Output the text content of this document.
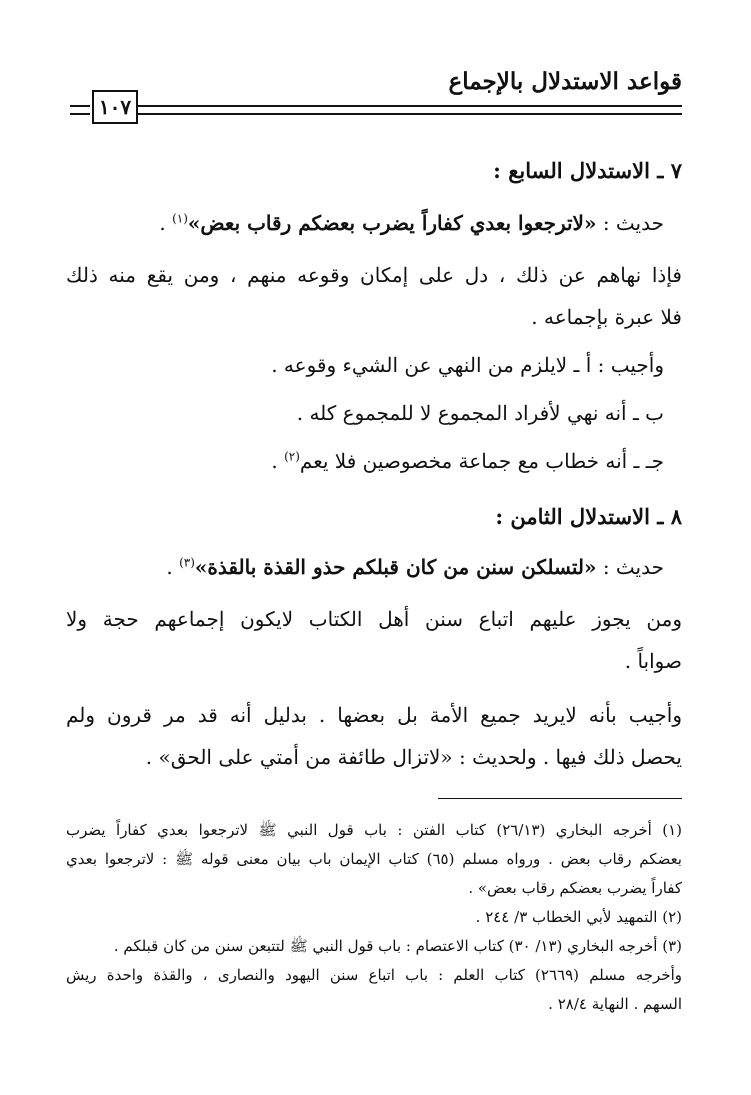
قواعد الاستدلال بالإجماع
١٠٧
٧ ـ الاستدلال السابع :
حديث : «لاترجعوا بعدي كفاراً يضرب بعضكم رقاب بعض»$^{(١)}$ .
فإذا نهاهم عن ذلك ، دل على إمكان وقوعه منهم ، ومن يقع منه ذلك
فلا عبرة بإجماعه .
وأجيب : أ ـ لايلزم من النهي عن الشيء وقوعه .
ب ـ أنه نهي لأفراد المجموع لا للمجموع كله .
جـ ـ أنه خطاب مع جماعة مخصوصين فلا يعم$^{(٢)}$ .
٨ ـ الاستدلال الثامن :
حديث : «لتسلكن سنن من كان قبلكم حذو القذة بالقذة»$^{(٣)}$ .
ومن يجوز عليهم اتباع سنن أهل الكتاب لايكون إجماعهم حجة ولا
صواباً .
وأجيب بأنه لايريد جميع الأمة بل بعضها . بدليل أنه قد مر قرون ولم
يحصل ذلك فيها . ولحديث : «لاتزال طائفة من أمتي على الحق» .
(١) أخرجه البخاري (٢٦/١٣) كتاب الفتن : باب قول النبي ﷺ لاترجعوا بعدي كفاراً يضرب
بعضكم رقاب بعض . ورواه مسلم (٦٥) كتاب الإيمان باب بيان معنى قوله ﷺ : لاترجعوا بعدي
كفاراً يضرب بعضكم رقاب بعض» .
(٢) التمهيد لأبي الخطاب ٣/ ٢٤٤ .
(٣) أخرجه البخاري (١٣/ ٣٠) كتاب الاعتصام : باب قول النبي ﷺ لتتبعن سنن من كان قبلكم .
وأخرجه مسلم (٢٦٦٩) كتاب العلم : باب اتباع سنن اليهود والنصارى ، والقذة واحدة ريش
السهم . النهاية ٢٨/٤ .
